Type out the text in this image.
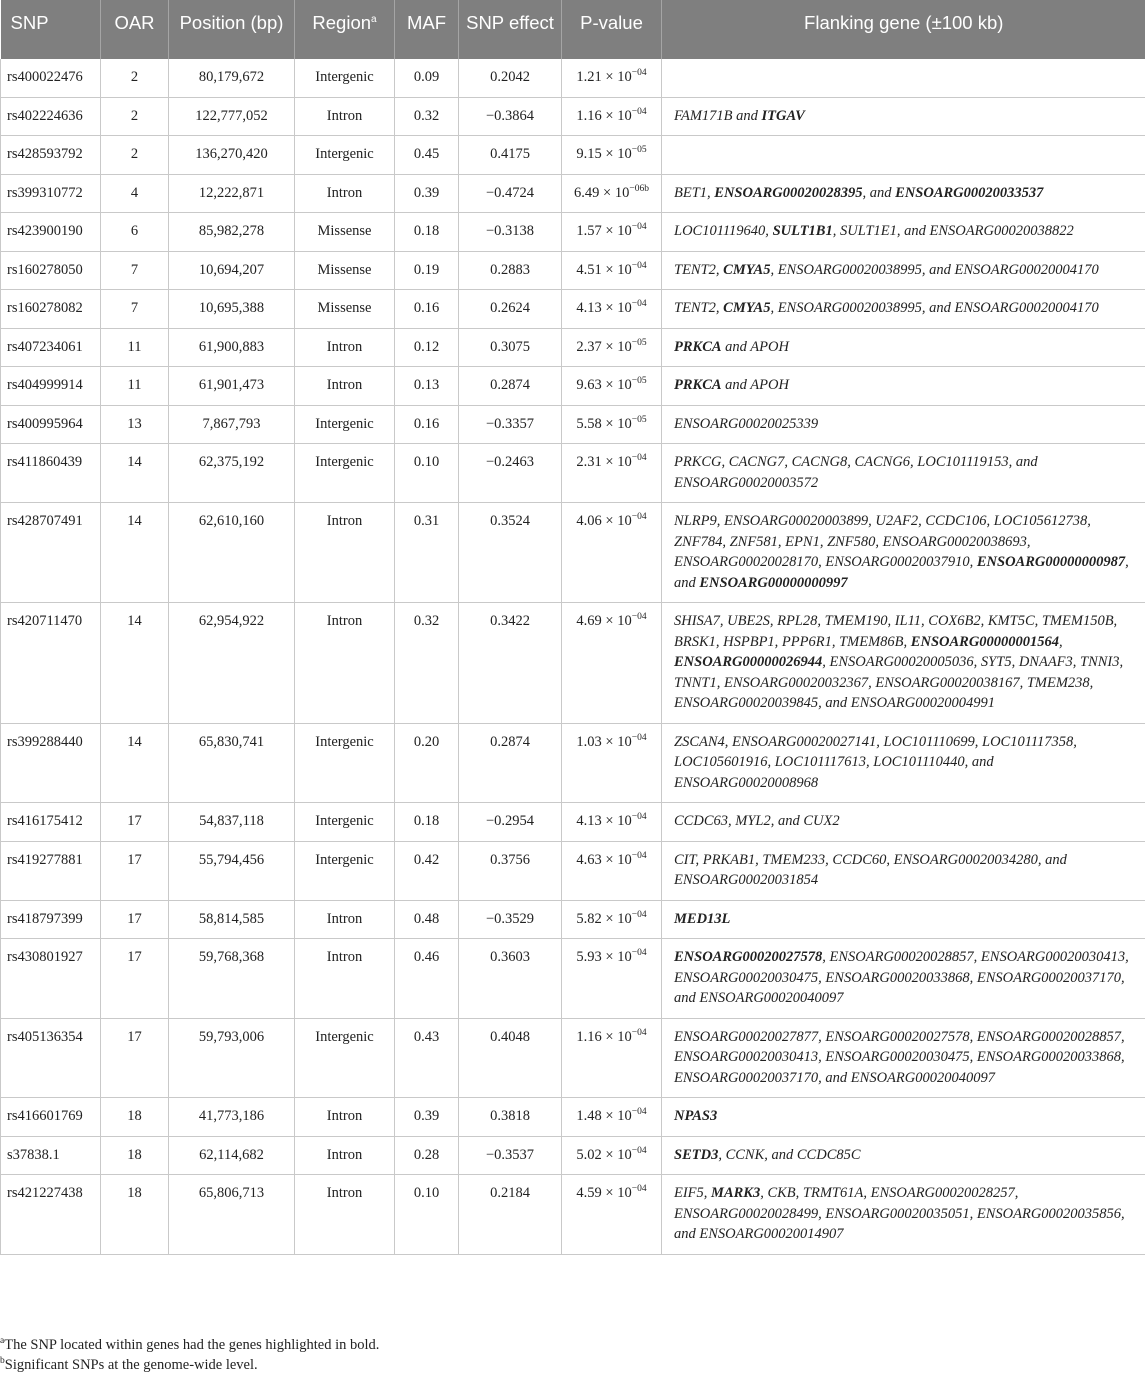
SNP	OAR	Position (bp)	Region$^a$	MAF	SNP effect	P-value	Flanking gene (±100 kb)
rs400022476	2	80,179,672	Intergenic	0.09	0.2042	$1.21 \times 10^{-04}$	
rs402224636	2	122,777,052	Intron	0.32	−0.3864	$1.16 \times 10^{-04}$	FAM171B and ITGAV
rs428593792	2	136,270,420	Intergenic	0.45	0.4175	$9.15 \times 10^{-05}$	
rs399310772	4	12,222,871	Intron	0.39	−0.4724	$6.49 \times 10^{-06b}$	BET1, ENSOARG00020028395, and ENSOARG00020033537
rs423900190	6	85,982,278	Missense	0.18	−0.3138	$1.57 \times 10^{-04}$	LOC101119640, SULT1B1, SULT1E1, and ENSOARG00020038822
rs160278050	7	10,694,207	Missense	0.19	0.2883	$4.51 \times 10^{-04}$	TENT2, CMYA5, ENSOARG00020038995, and ENSOARG00020004170
rs160278082	7	10,695,388	Missense	0.16	0.2624	$4.13 \times 10^{-04}$	TENT2, CMYA5, ENSOARG00020038995, and ENSOARG00020004170
rs407234061	11	61,900,883	Intron	0.12	0.3075	$2.37 \times 10^{-05}$	PRKCA and APOH
rs404999914	11	61,901,473	Intron	0.13	0.2874	$9.63 \times 10^{-05}$	PRKCA and APOH
rs400995964	13	7,867,793	Intergenic	0.16	−0.3357	$5.58 \times 10^{-05}$	ENSOARG00020025339
rs411860439	14	62,375,192	Intergenic	0.10	−0.2463	$2.31 \times 10^{-04}$	PRKCG, CACNG7, CACNG8, CACNG6, LOC101119153, and ENSOARG00020003572
rs428707491	14	62,610,160	Intron	0.31	0.3524	$4.06 \times 10^{-04}$	NLRP9, ENSOARG00020003899, U2AF2, CCDC106, LOC105612738, ZNF784, ZNF581, EPN1, ZNF580, ENSOARG00020038693, ENSOARG00020028170, ENSOARG00020037910, ENSOARG00000000987, and ENSOARG00000000997
rs420711470	14	62,954,922	Intron	0.32	0.3422	$4.69 \times 10^{-04}$	SHISA7, UBE2S, RPL28, TMEM190, IL11, COX6B2, KMT5C, TMEM150B, BRSK1, HSPBP1, PPP6R1, TMEM86B, ENSOARG00000001564, ENSOARG00000026944, ENSOARG00020005036, SYT5, DNAAF3, TNNI3, TNNT1, ENSOARG00020032367, ENSOARG00020038167, TMEM238, ENSOARG00020039845, and ENSOARG00020004991
rs399288440	14	65,830,741	Intergenic	0.20	0.2874	$1.03 \times 10^{-04}$	ZSCAN4, ENSOARG00020027141, LOC101110699, LOC101117358, LOC105601916, LOC101117613, LOC101110440, and ENSOARG00020008968
rs416175412	17	54,837,118	Intergenic	0.18	−0.2954	$4.13 \times 10^{-04}$	CCDC63, MYL2, and CUX2
rs419277881	17	55,794,456	Intergenic	0.42	0.3756	$4.63 \times 10^{-04}$	CIT, PRKAB1, TMEM233, CCDC60, ENSOARG00020034280, and ENSOARG00020031854
rs418797399	17	58,814,585	Intron	0.48	−0.3529	$5.82 \times 10^{-04}$	MED13L
rs430801927	17	59,768,368	Intron	0.46	0.3603	$5.93 \times 10^{-04}$	ENSOARG00020027578, ENSOARG00020028857, ENSOARG00020030413, ENSOARG00020030475, ENSOARG00020033868, ENSOARG00020037170, and ENSOARG00020040097
rs405136354	17	59,793,006	Intergenic	0.43	0.4048	$1.16 \times 10^{-04}$	ENSOARG00020027877, ENSOARG00020027578, ENSOARG00020028857, ENSOARG00020030413, ENSOARG00020030475, ENSOARG00020033868, ENSOARG00020037170, and ENSOARG00020040097
rs416601769	18	41,773,186	Intron	0.39	0.3818	$1.48 \times 10^{-04}$	NPAS3
s37838.1	18	62,114,682	Intron	0.28	−0.3537	$5.02 \times 10^{-04}$	SETD3, CCNK, and CCDC85C
rs421227438	18	65,806,713	Intron	0.10	0.2184	$4.59 \times 10^{-04}$	EIF5, MARK3, CKB, TRMT61A, ENSOARG00020028257, ENSOARG00020028499, ENSOARG00020035051, ENSOARG00020035856, and ENSOARG00020014907
$^a$The SNP located within genes had the genes highlighted in bold.
$^b$Significant SNPs at the genome-wide level.
